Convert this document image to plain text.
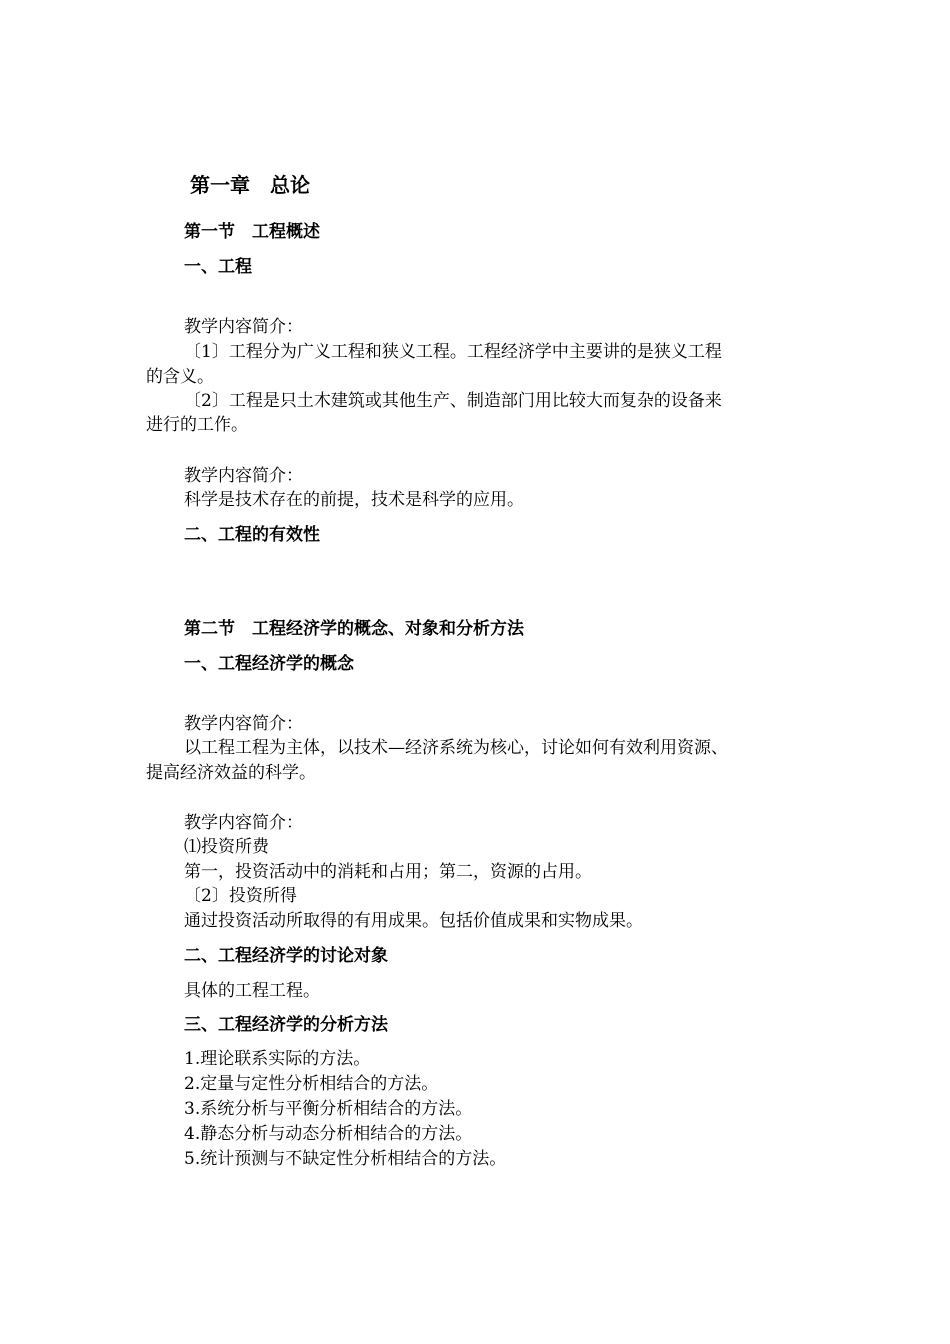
第一章　总论
第一节　工程概述
一、工程
教学内容简介：
〔1〕工程分为广义工程和狭义工程。工程经济学中主要讲的是狭义工程
的含义。
〔2〕工程是只土木建筑或其他生产、制造部门用比较大而复杂的设备来
进行的工作。
教学内容简介：
科学是技术存在的前提，技术是科学的应用。
二、工程的有效性
第二节　工程经济学的概念、对象和分析方法
一、工程经济学的概念
教学内容简介：
以工程工程为主体，以技术—经济系统为核心，讨论如何有效利用资源、
提高经济效益的科学。
教学内容简介：
⑴投资所费
第一，投资活动中的消耗和占用；第二，资源的占用。
〔2〕投资所得
通过投资活动所取得的有用成果。包括价值成果和实物成果。
二、工程经济学的讨论对象
具体的工程工程。
三、工程经济学的分析方法
1.理论联系实际的方法。
2.定量与定性分析相结合的方法。
3.系统分析与平衡分析相结合的方法。
4.静态分析与动态分析相结合的方法。
5.统计预测与不缺定性分析相结合的方法。
